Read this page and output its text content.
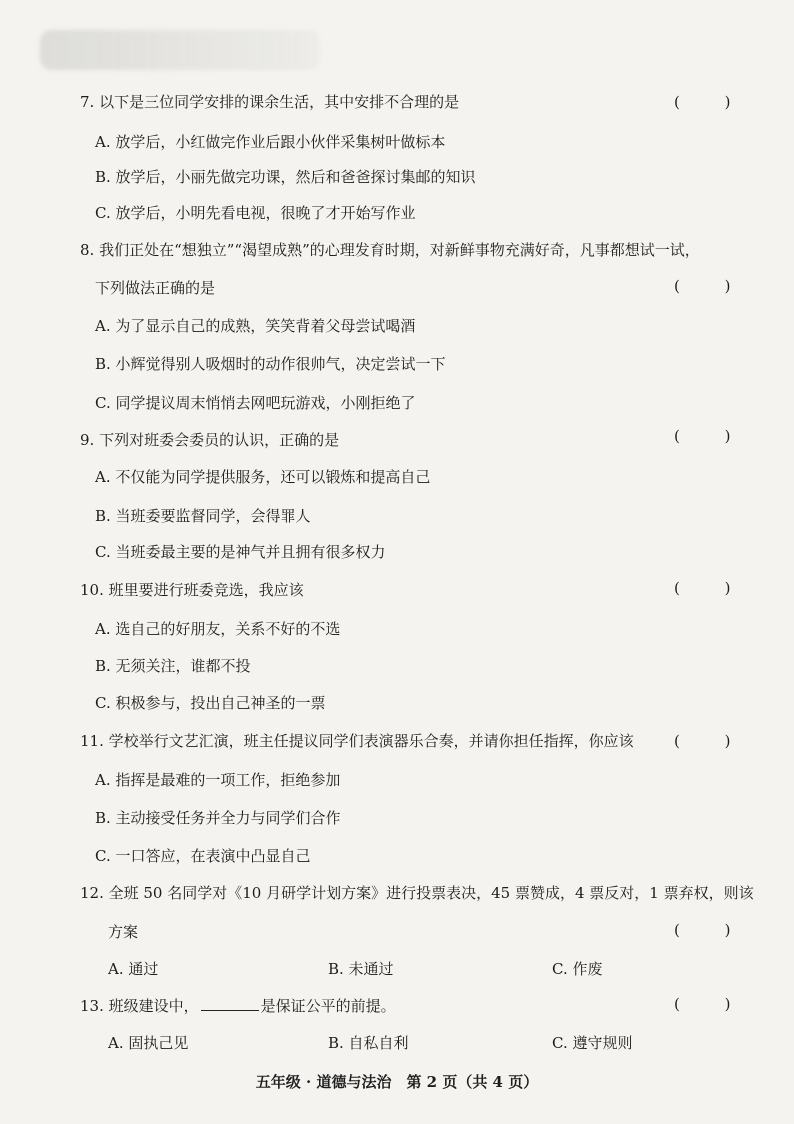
7. 以下是三位同学安排的课余生活，其中安排不合理的是	( )
A. 放学后，小红做完作业后跟小伙伴采集树叶做标本
B. 放学后，小丽先做完功课，然后和爸爸探讨集邮的知识
C. 放学后，小明先看电视，很晚了才开始写作业
8. 我们正处在“想独立”“渴望成熟”的心理发育时期，对新鲜事物充满好奇，凡事都想试一试，
下列做法正确的是	( )
A. 为了显示自己的成熟，笑笑背着父母尝试喝酒
B. 小辉觉得别人吸烟时的动作很帅气，决定尝试一下
C. 同学提议周末悄悄去网吧玩游戏，小刚拒绝了
9. 下列对班委会委员的认识，正确的是	( )
A. 不仅能为同学提供服务，还可以锻炼和提高自己
B. 当班委要监督同学，会得罪人
C. 当班委最主要的是神气并且拥有很多权力
10. 班里要进行班委竞选，我应该	( )
A. 选自己的好朋友，关系不好的不选
B. 无须关注，谁都不投
C. 积极参与，投出自己神圣的一票
11. 学校举行文艺汇演，班主任提议同学们表演器乐合奏，并请你担任指挥，你应该	( )
A. 指挥是最难的一项工作，拒绝参加
B. 主动接受任务并全力与同学们合作
C. 一口答应，在表演中凸显自己
12. 全班 50 名同学对《10 月研学计划方案》进行投票表决，45 票赞成，4 票反对，1 票弃权，则该
方案	( )
A. 通过	B. 未通过	C. 作废
13. 班级建设中，	是保证公平的前提。	( )
A. 固执己见	B. 自私自利	C. 遵守规则
五年级 · 道德与法治　第 2 页（共 4 页）
